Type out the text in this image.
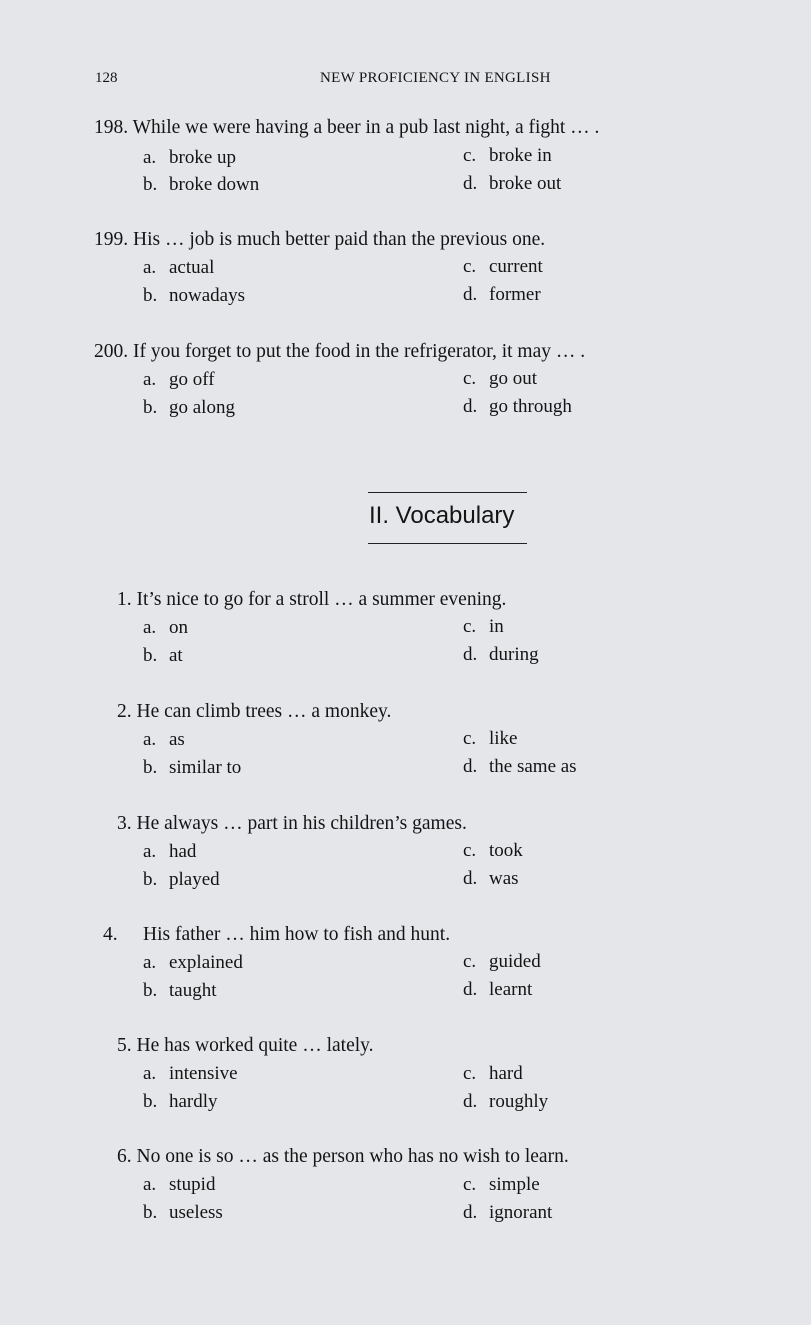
128	NEW PROFICIENCY IN ENGLISH
198. While we were having a beer in a pub last night, a fight … .
a. broke up
b. broke down
c. broke in
d. broke out
199. His … job is much better paid than the previous one.
a. actual
b. nowadays
c. current
d. former
200. If you forget to put the food in the refrigerator, it may … .
a. go off
b. go along
c. go out
d. go through
II. Vocabulary
1. It’s nice to go for a stroll … a summer evening.
a. on
b. at
c. in
d. during
2. He can climb trees … a monkey.
a. as
b. similar to
c. like
d. the same as
3. He always … part in his children’s games.
a. had
b. played
c. took
d. was
4. His father … him how to fish and hunt.
a. explained
b. taught
c. guided
d. learnt
5. He has worked quite … lately.
a. intensive
b. hardly
c. hard
d. roughly
6. No one is so … as the person who has no wish to learn.
a. stupid
b. useless
c. simple
d. ignorant
